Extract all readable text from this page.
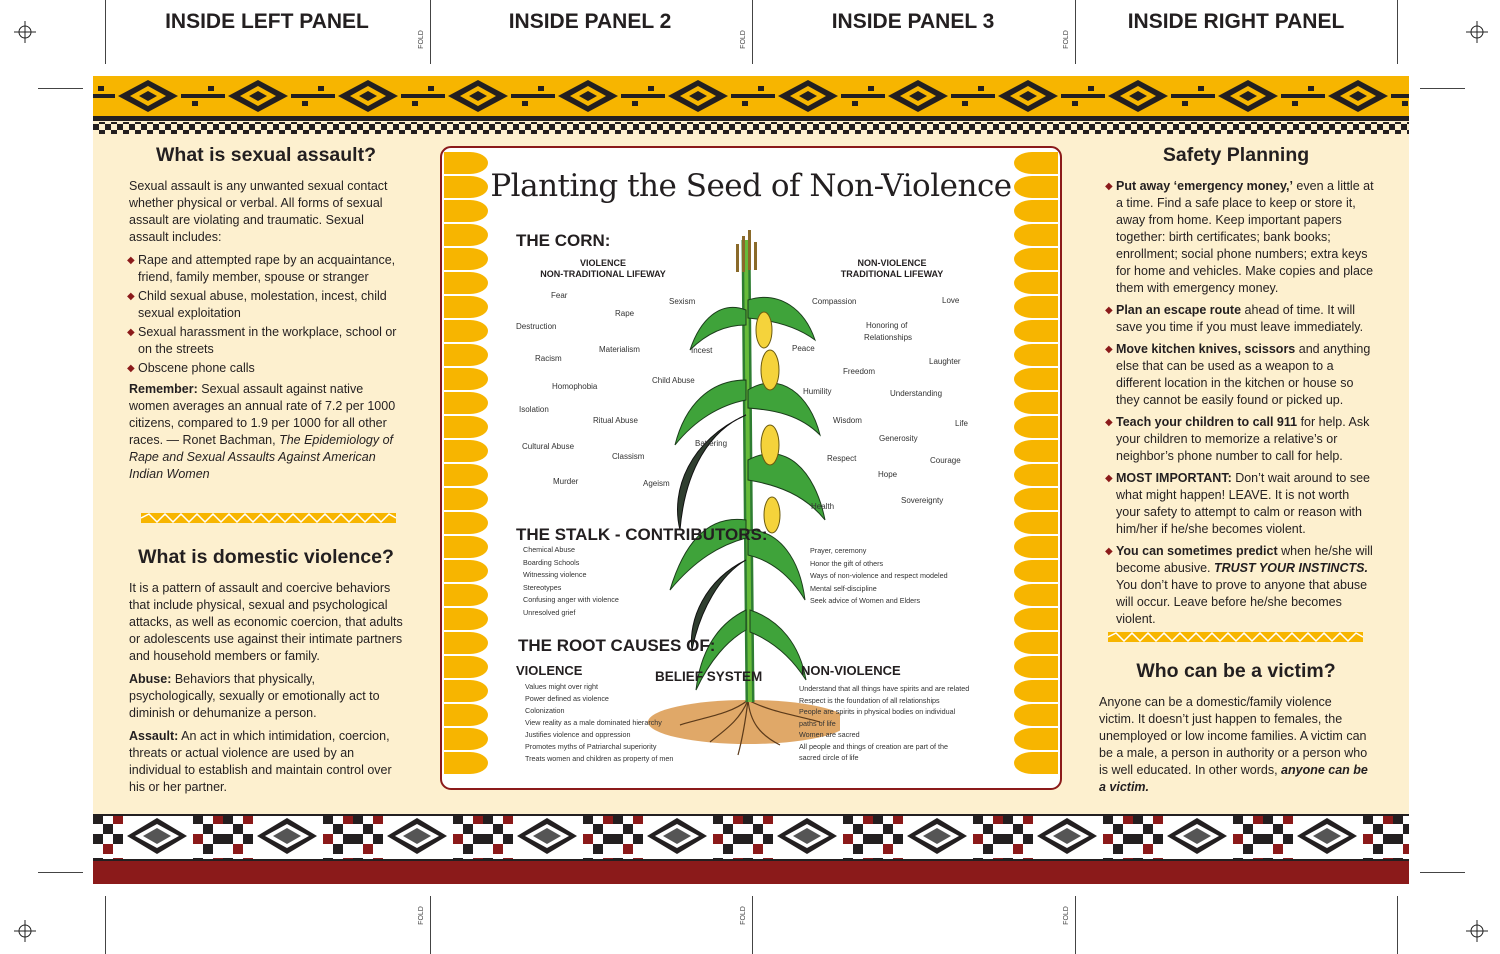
INSIDE LEFT PANEL	INSIDE PANEL 2	INSIDE PANEL 3	INSIDE RIGHT PANEL
FOLD	FOLD	FOLD
FOLD	FOLD	FOLD
What is sexual assault?

Sexual assault is any unwanted sexual contact whether physical or verbal. All forms of sexual assault are violating and traumatic. Sexual assault includes:

◆ Rape and attempted rape by an acquaintance, friend, family member, spouse or stranger
◆ Child sexual abuse, molestation, incest, child sexual exploitation
◆ Sexual harassment in the workplace, school or on the streets
◆ Obscene phone calls

Remember: Sexual assault against native women averages an annual rate of 7.2 per 1000 citizens, compared to 1.9 per 1000 for all other races. — Ronet Bachman, The Epidemiology of Rape and Sexual Assaults Against American Indian Women

What is domestic violence?

It is a pattern of assault and coercive behaviors that include physical, sexual and psychological attacks, as well as economic coercion, that adults or adolescents use against their intimate partners and household members or family.

Abuse: Behaviors that physically, psychologically, sexually or emotionally act to diminish or dehumanize a person.

Assault: An act in which intimidation, coercion, threats or actual violence are used by an individual to establish and maintain control over his or her partner.

Planting the Seed of Non-Violence
THE CORN:
VIOLENCE
NON-TRADITIONAL LIFEWAY
NON-VIOLENCE
TRADITIONAL LIFEWAY
Fear
Sexism
Rape
Destruction
Materialism	Incest
Racism
Homophobia
Child Abuse
Isolation
Ritual Abuse
Battering
Cultural Abuse
Classism
Murder	Ageism
Compassion	Love
Honoring of
Relationships
Peace
Laughter
Freedom
Humility	Understanding
Wisdom	Life
Generosity
Respect	Courage
Hope
Sovereignty
Health
THE STALK - CONTRIBUTORS:
Chemical Abuse
Boarding Schools
Witnessing violence
Stereotypes
Confusing anger with violence
Unresolved grief
Prayer, ceremony
Honor the gift of others
Ways of non-violence and respect modeled
Mental self-discipline
Seek advice of Women and Elders
THE ROOT CAUSES OF:
VIOLENCE	BELIEF SYSTEM	NON-VIOLENCE
Values might over right
Power defined as violence
Colonization
View reality as a male dominated hierarchy
Justifies violence and oppression
Promotes myths of Patriarchal superiority
Treats women and children as property of men
Understand that all things have spirits and are related
Respect is the foundation of all relationships
People are spirits in physical bodies on individual
paths of life
Women are sacred
All people and things of creation are part of the
sacred circle of life
Safety Planning
◆ Put away ‘emergency money,’ even a little at a time. Find a safe place to keep or store it, away from home. Keep important papers together: birth certificates; bank books; enrollment; social phone numbers; extra keys for home and vehicles. Make copies and place them with emergency money.
◆ Plan an escape route ahead of time. It will save you time if you must leave immediately.
◆ Move kitchen knives, scissors and anything else that can be used as a weapon to a different location in the kitchen or house so they cannot be easily found or picked up.
◆ Teach your children to call 911 for help. Ask your children to memorize a relative’s or neighbor’s phone number to call for help.
◆ MOST IMPORTANT: Don’t wait around to see what might happen! LEAVE. It is not worth your safety to attempt to calm or reason with him/her if he/she becomes violent.
◆ You can sometimes predict when he/she will become abusive. TRUST YOUR INSTINCTS. You don’t have to prove to anyone that abuse will occur. Leave before he/she becomes violent.
Who can be a victim?

Anyone can be a domestic/family violence victim. It doesn’t just happen to females, the unemployed or low income families. A victim can be a male, a person in authority or a person who is well educated. In other words, anyone can be a victim.
